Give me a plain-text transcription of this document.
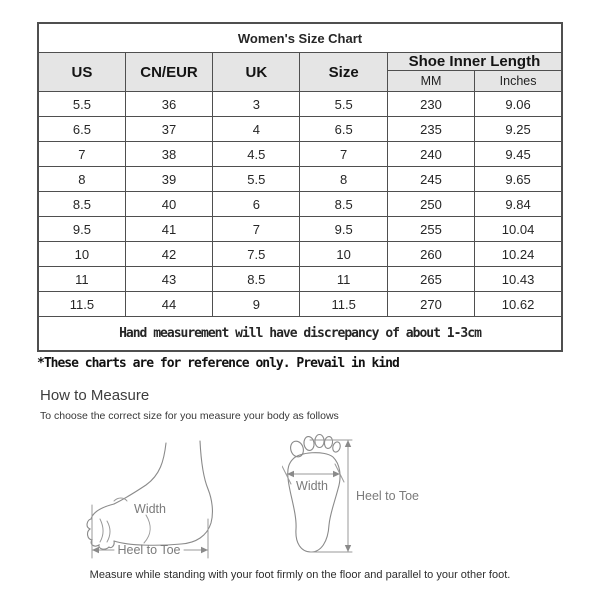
Women's Size Chart					
US	CN/EUR	UK	Size	Shoe Inner Length	
				MM	Inches
5.5	36	3	5.5	230	9.06
6.5	37	4	6.5	235	9.25
7	38	4.5	7	240	9.45
8	39	5.5	8	245	9.65
8.5	40	6	8.5	250	9.84
9.5	41	7	9.5	255	10.04
10	42	7.5	10	260	10.24
11	43	8.5	11	265	10.43
11.5	44	9	11.5	270	10.62
Hand measurement will have discrepancy of about 1-3cm					
*These charts are for reference only. Prevail in kind
How to Measure
To choose the correct size for you measure your body as follows
Width
Heel to Toe
Width
Heel to Toe
Measure while standing with your foot firmly on the floor and parallel to your other foot.
